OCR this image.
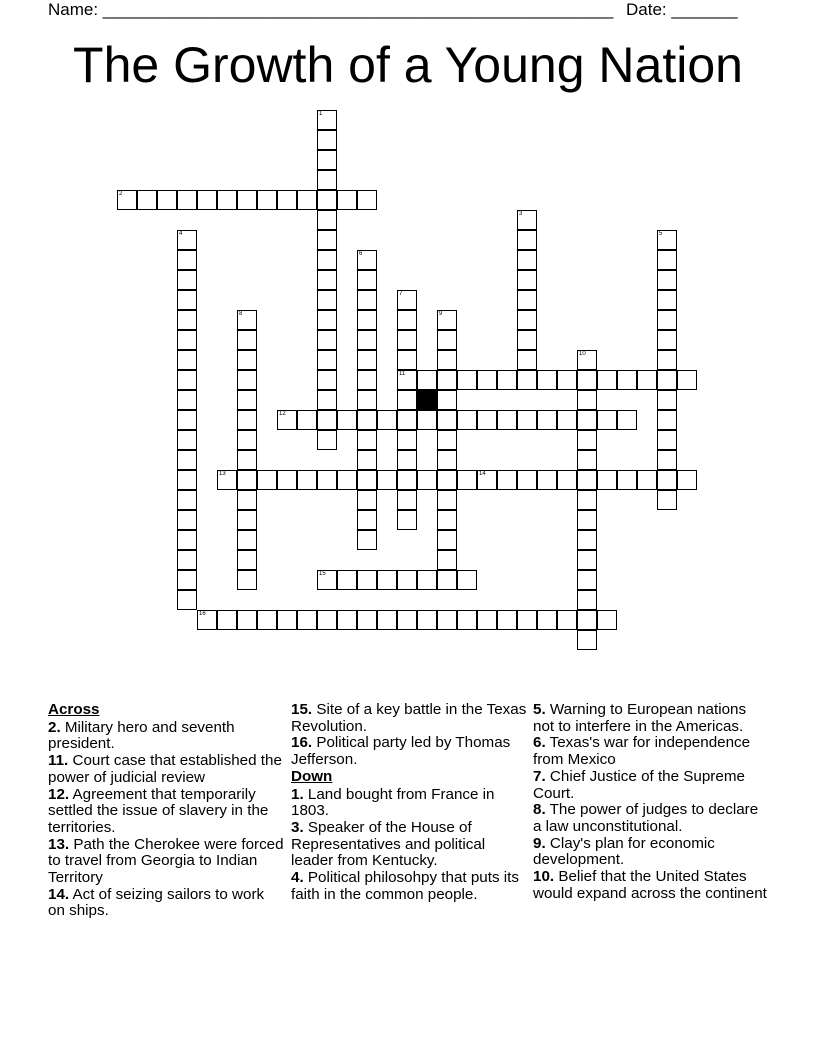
Name: ______________________________________________________ Date: _______
The Growth of a Young Nation
2
11
12
13	14
15
16
1
3
4	5
6
7
8	9
10
Across
2. Military hero and seventh president.
11. Court case that established the power of judicial review
12. Agreement that temporarily settled the issue of slavery in the territories.
13. Path the Cherokee were forced to travel from Georgia to Indian Territory
14. Act of seizing sailors to work on ships.
15. Site of a key battle in the Texas Revolution.
16. Political party led by Thomas Jefferson.
Down
1. Land bought from France in 1803.
3. Speaker of the House of Representatives and political leader from Kentucky.
4. Political philosohpy that puts its faith in the common people.
5. Warning to European nations not to interfere in the Americas.
6. Texas's war for independence from Mexico
7. Chief Justice of the Supreme Court.
8. The power of judges to declare a law unconstitutional.
9. Clay's plan for economic development.
10. Belief that the United States would expand across the continent
